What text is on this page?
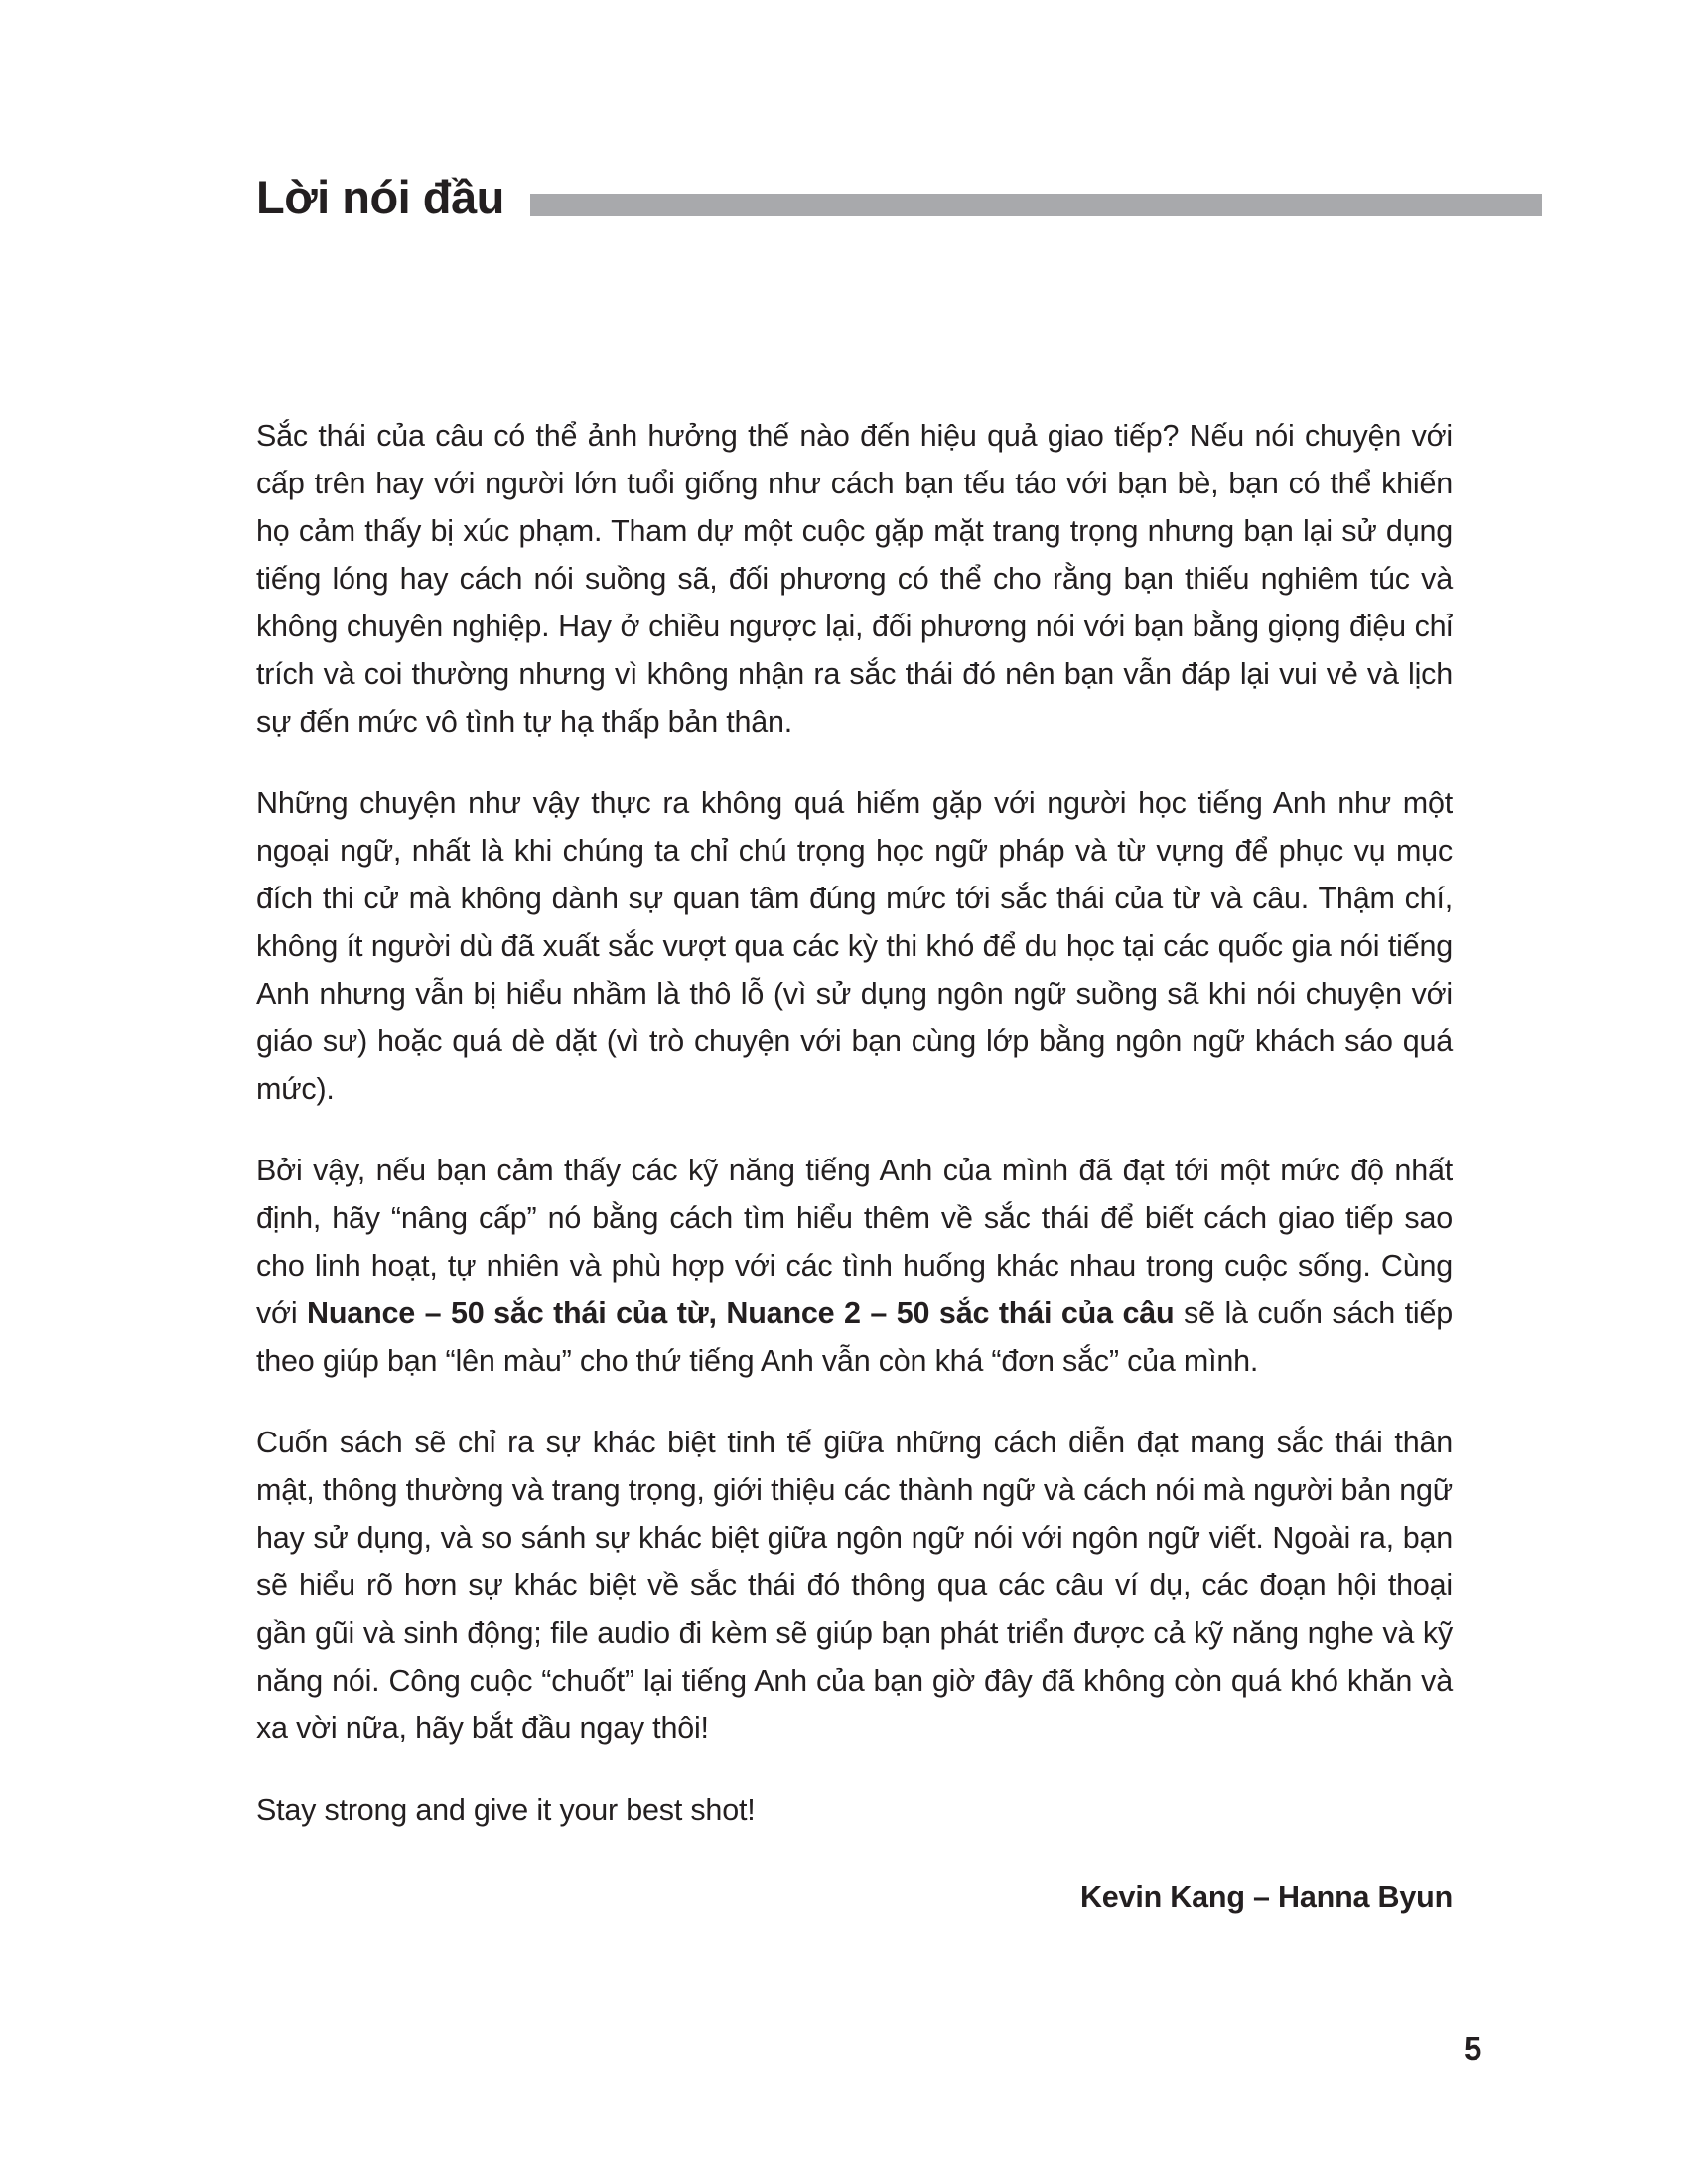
Lời nói đầu

Sắc thái của câu có thể ảnh hưởng thế nào đến hiệu quả giao tiếp? Nếu nói chuyện với cấp trên hay với người lớn tuổi giống như cách bạn tếu táo với bạn bè, bạn có thể khiến họ cảm thấy bị xúc phạm. Tham dự một cuộc gặp mặt trang trọng nhưng bạn lại sử dụng tiếng lóng hay cách nói suồng sã, đối phương có thể cho rằng bạn thiếu nghiêm túc và không chuyên nghiệp. Hay ở chiều ngược lại, đối phương nói với bạn bằng giọng điệu chỉ trích và coi thường nhưng vì không nhận ra sắc thái đó nên bạn vẫn đáp lại vui vẻ và lịch sự đến mức vô tình tự hạ thấp bản thân.

Những chuyện như vậy thực ra không quá hiếm gặp với người học tiếng Anh như một ngoại ngữ, nhất là khi chúng ta chỉ chú trọng học ngữ pháp và từ vựng để phục vụ mục đích thi cử mà không dành sự quan tâm đúng mức tới sắc thái của từ và câu. Thậm chí, không ít người dù đã xuất sắc vượt qua các kỳ thi khó để du học tại các quốc gia nói tiếng Anh nhưng vẫn bị hiểu nhầm là thô lỗ (vì sử dụng ngôn ngữ suồng sã khi nói chuyện với giáo sư) hoặc quá dè dặt (vì trò chuyện với bạn cùng lớp bằng ngôn ngữ khách sáo quá mức).

Bởi vậy, nếu bạn cảm thấy các kỹ năng tiếng Anh của mình đã đạt tới một mức độ nhất định, hãy “nâng cấp” nó bằng cách tìm hiểu thêm về sắc thái để biết cách giao tiếp sao cho linh hoạt, tự nhiên và phù hợp với các tình huống khác nhau trong cuộc sống. Cùng với Nuance – 50 sắc thái của từ, Nuance 2 – 50 sắc thái của câu sẽ là cuốn sách tiếp theo giúp bạn “lên màu” cho thứ tiếng Anh vẫn còn khá “đơn sắc” của mình.

Cuốn sách sẽ chỉ ra sự khác biệt tinh tế giữa những cách diễn đạt mang sắc thái thân mật, thông thường và trang trọng, giới thiệu các thành ngữ và cách nói mà người bản ngữ hay sử dụng, và so sánh sự khác biệt giữa ngôn ngữ nói với ngôn ngữ viết. Ngoài ra, bạn sẽ hiểu rõ hơn sự khác biệt về sắc thái đó thông qua các câu ví dụ, các đoạn hội thoại gần gũi và sinh động; file audio đi kèm sẽ giúp bạn phát triển được cả kỹ năng nghe và kỹ năng nói. Công cuộc “chuốt” lại tiếng Anh của bạn giờ đây đã không còn quá khó khăn và xa vời nữa, hãy bắt đầu ngay thôi!

Stay strong and give it your best shot!

Kevin Kang – Hanna Byun
5
